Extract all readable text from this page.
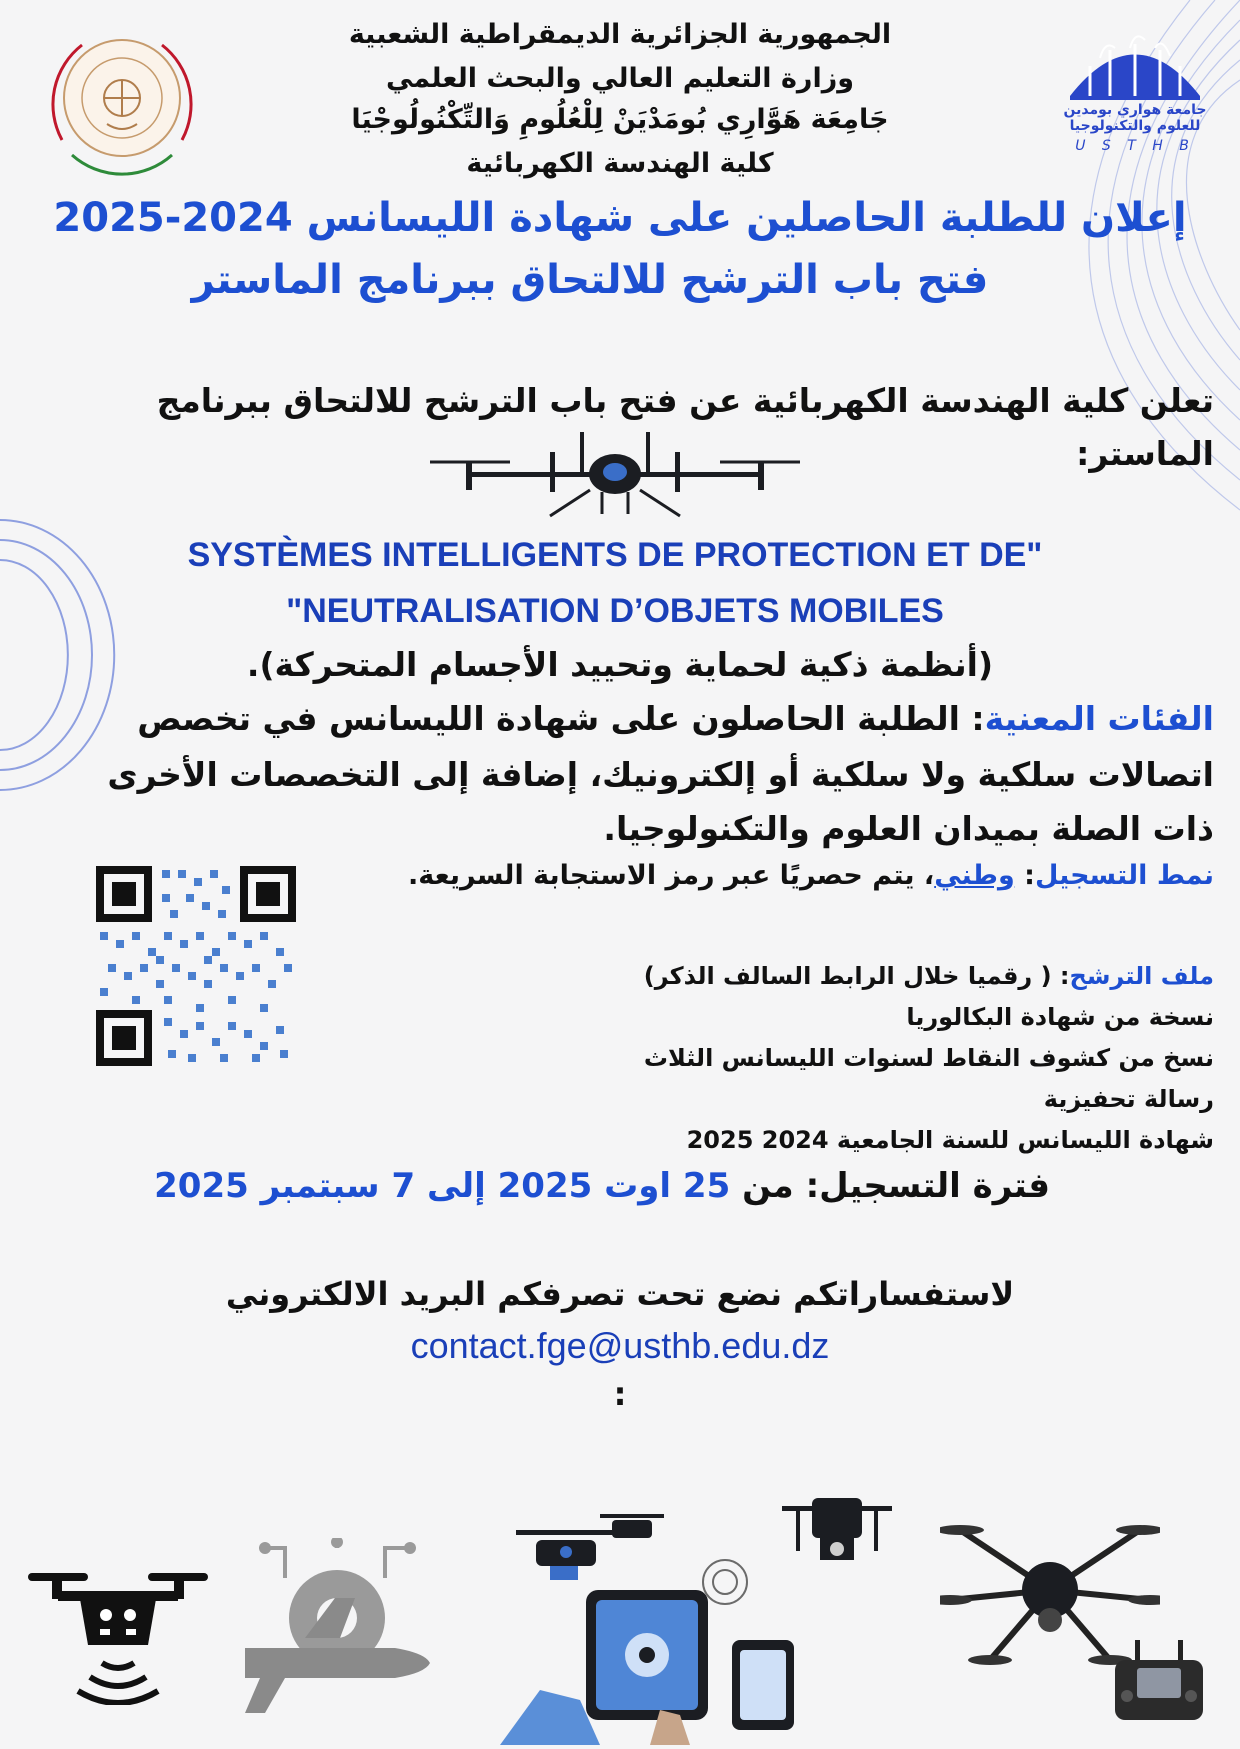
جامعة هواري بومدين للعلوم والتكنولوجيا
U S T H B
الجمهورية الجزائرية الديمقراطية الشعبية
وزارة التعليم العالي والبحث العلمي
جَامِعَة هَوَّارِي بُومَدْيَنْ لِلْعُلُومِ وَالتِّكْنُولُوجْيَا
كلية الهندسة الكهربائية
إعلان للطلبة الحاصلين على شهادة الليسانس 2024-2025
فتح باب الترشح للالتحاق ببرنامج الماستر
تعلن كلية الهندسة الكهربائية عن فتح باب الترشح للالتحاق ببرنامج
الماستر:
SYSTÈMES INTELLIGENTS DE PROTECTION ET DE"
"NEUTRALISATION D’OBJETS MOBILES
(أنظمة ذكية لحماية وتحييد الأجسام المتحركة).
الفئات المعنية: الطلبة الحاصلون على شهادة الليسانس في تخصص
اتصالات سلكية ولا سلكية أو إلكترونيك، إضافة إلى التخصصات الأخرى
ذات الصلة بميدان العلوم والتكنولوجيا.
نمط التسجيل: وطني، يتم حصريًا عبر رمز الاستجابة السريعة.
ملف الترشح: ( رقميا خلال الرابط السالف الذكر)
نسخة من شهادة البكالوريا
نسخ من كشوف النقاط لسنوات الليسانس الثلاث
رسالة تحفيزية
شهادة الليسانس للسنة الجامعية 2024 2025
فترة التسجيل: من 25 اوت 2025 إلى 7 سبتمبر 2025
لاستفساراتكم نضع تحت تصرفكم البريد الالكتروني
contact.fge@usthb.edu.dz
:
